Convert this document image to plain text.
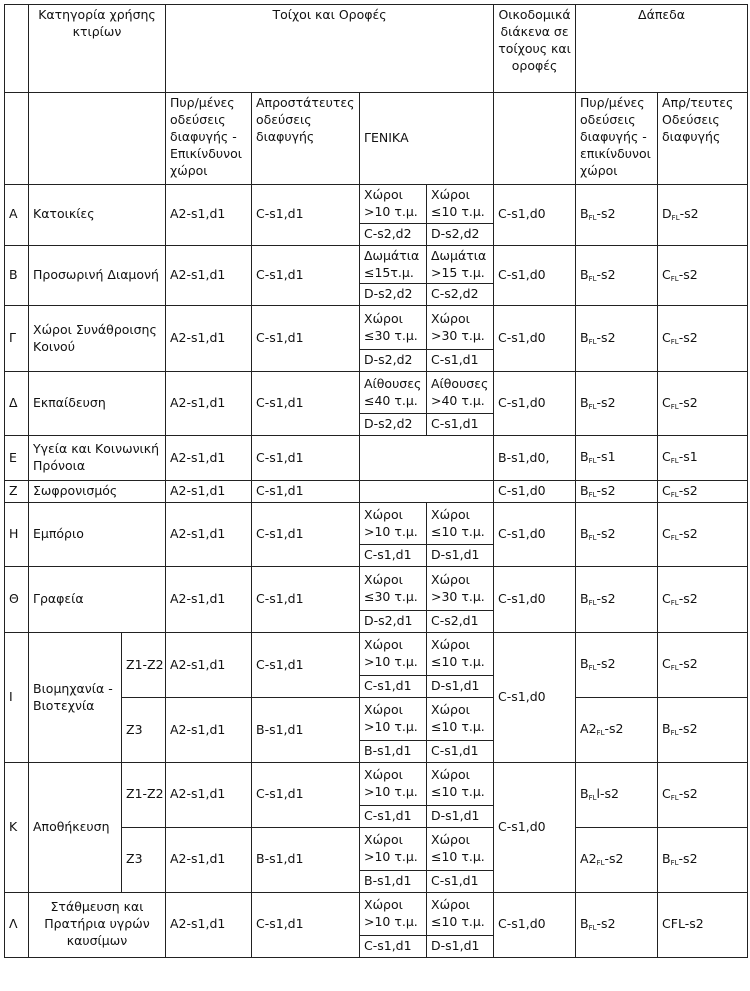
	Κατηγορία χρήσης κτιρίων		Τοίχοι και Οροφές				Οικοδομικά διάκενα σε τοίχους και οροφές	Δάπεδα	
			Πυρ/μένες οδεύσεις διαφυγής - Επικίνδυνοι χώροι	Απροστάτευτες οδεύσεις διαφυγής	ΓΕΝΙΚΑ			Πυρ/μένες οδεύσεις διαφυγής - επικίνδυνοι χώροι	Απρ/τευτες Οδεύσεις διαφυγής
Α	Κατοικίες		A2-s1,d1	C-s1,d1	Χώροι >10 τ.μ.	Χώροι ≤10 τ.μ.	C-s1,d0	$B_{FL}-s2$	$D_{FL}-s2$
					C-s2,d2	D-s2,d2			
Β	Προσωρινή Διαμονή		A2-s1,d1	C-s1,d1	Δωμάτια ≤15τ.μ.	Δωμάτια >15 τ.μ.	C-s1,d0	$B_{FL}-s2$	$C_{FL}-s2$
					D-s2,d2	C-s2,d2			
Γ	Χώροι Συνάθροισης Κοινού		A2-s1,d1	C-s1,d1	Χώροι ≤30 τ.μ.	Χώροι >30 τ.μ.	C-s1,d0	$B_{FL}-s2$	$C_{FL}-s2$
					D-s2,d2	C-s1,d1			
Δ	Εκπαίδευση		A2-s1,d1	C-s1,d1	Αίθουσες ≤40 τ.μ.	Αίθουσες >40 τ.μ.	C-s1,d0	$B_{FL}-s2$	$C_{FL}-s2$
					D-s2,d2	C-s1,d1			
Ε	Υγεία και Κοινωνική Πρόνοια		A2-s1,d1	C-s1,d1			B-s1,d0,	$B_{FL}-s1$	$C_{FL}-s1$
Ζ	Σωφρονισμός		A2-s1,d1	C-s1,d1			C-s1,d0	$B_{FL}-s2$	$C_{FL}-s2$
Η	Εμπόριο		A2-s1,d1	C-s1,d1	Χώροι >10 τ.μ.	Χώροι ≤10 τ.μ.	C-s1,d0	$B_{FL}-s2$	$C_{FL}-s2$
					C-s1,d1	D-s1,d1			
Θ	Γραφεία		A2-s1,d1	C-s1,d1	Χώροι ≤30 τ.μ.	Χώροι >30 τ.μ.	C-s1,d0	$B_{FL}-s2$	$C_{FL}-s2$
					D-s2,d1	C-s2,d1			
Ι	Βιομηχανία - Βιοτεχνία	Z1-Z2	A2-s1,d1	C-s1,d1	Χώροι >10 τ.μ.	Χώροι ≤10 τ.μ.	C-s1,d0	$B_{FL}-s2$	$C_{FL}-s2$
					C-s1,d1	D-s1,d1			
		Z3	A2-s1,d1	B-s1,d1	Χώροι >10 τ.μ.	Χώροι ≤10 τ.μ.		$A2_{FL}-s2$	$B_{FL}-s2$
					B-s1,d1	C-s1,d1			
Κ	Αποθήκευση	Z1-Z2	A2-s1,d1	C-s1,d1	Χώροι >10 τ.μ.	Χώροι ≤10 τ.μ.	C-s1,d0	$B_{FL}l-s2$	$C_{FL}-s2$
					C-s1,d1	D-s1,d1			
		Z3	A2-s1,d1	B-s1,d1	Χώροι >10 τ.μ.	Χώροι ≤10 τ.μ.		$A2_{FL}-s2$	$B_{FL}-s2$
					B-s1,d1	C-s1,d1			
Λ	Στάθμευση και Πρατήρια υγρών καυσίμων		A2-s1,d1	C-s1,d1	Χώροι >10 τ.μ.	Χώροι ≤10 τ.μ.	C-s1,d0	$B_{FL}-s2$	CFL-s2
					C-s1,d1	D-s1,d1			
